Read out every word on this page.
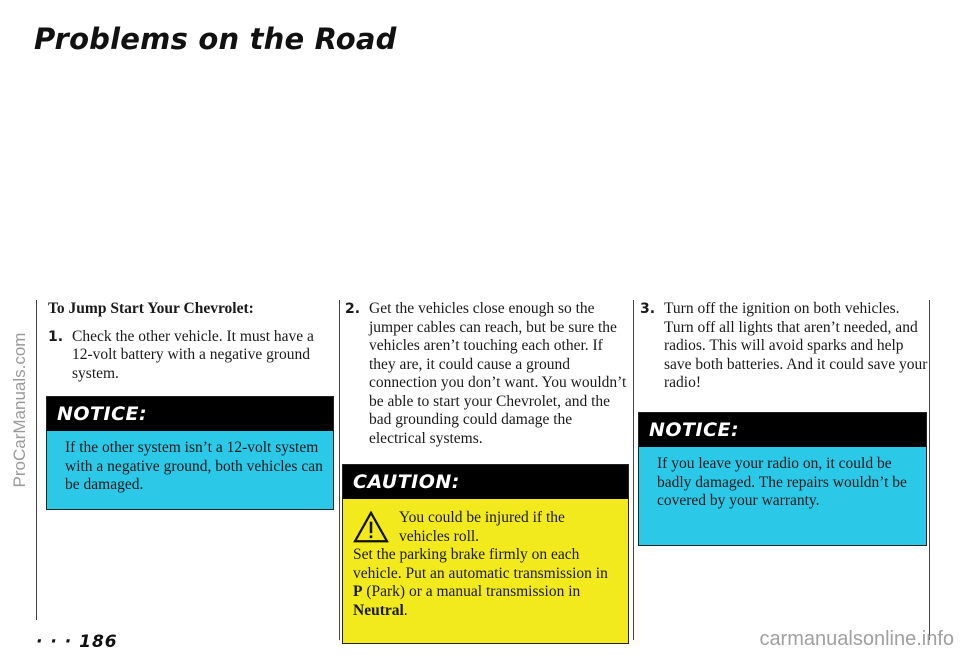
Problems on the Road
ProCarManuals.com

To Jump Start Your Chevrolet:

1. Check the other vehicle. It must have a 12-volt battery with a negative ground system.
NOTICE:
If the other system isn’t a 12-volt system with a negative ground, both vehicles can be damaged.
2. Get the vehicles close enough so the jumper cables can reach, but be sure the vehicles aren’t touching each other. If they are, it could cause a ground connection you don’t want. You wouldn’t be able to start your Chevrolet, and the bad grounding could damage the electrical systems.
CAUTION:
You could be injured if the vehicles roll.
Set the parking brake firmly on each vehicle. Put an automatic transmission in P (Park) or a manual transmission in Neutral.
3. Turn off the ignition on both vehicles. Turn off all lights that aren’t needed, and radios. This will avoid sparks and help save both batteries. And it could save your radio!
NOTICE:
If you leave your radio on, it could be badly damaged. The repairs wouldn’t be covered by your warranty.
· · · 186	carmanualsonline.info
